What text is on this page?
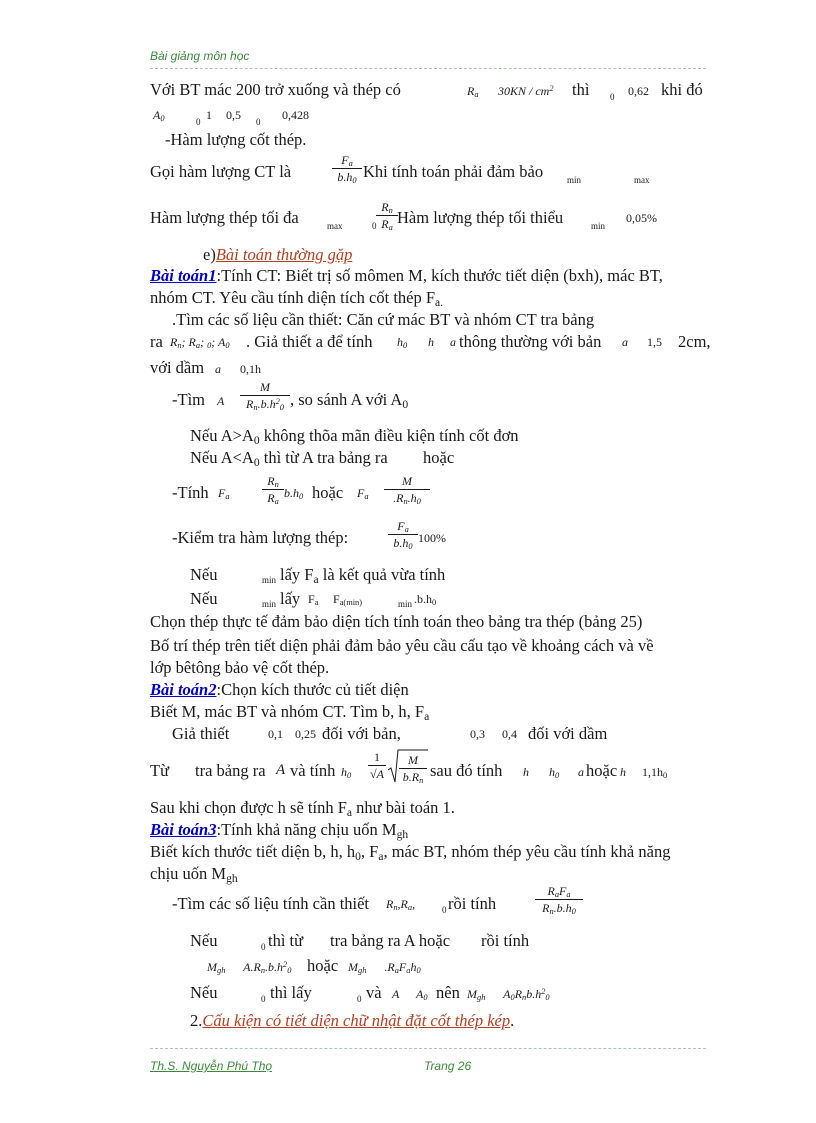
Bài giảng môn học
Với BT mác 200 trở xuống và thép có	$R_a$ $30KN / cm^2$ thì 0 0,62 khi đó
$A_0$	0 1 0,5 0 0,428
-Hàm lượng cốt thép.
Gọi hàm lượng CT là	$\frac{F_a}{b.h_0}$ Khi tính toán phải đảm bảo	min	max
Hàm lượng thép tối đa	max	$0 \frac{R_n}{R_a}$ Hàm lượng thép tối thiểu	min
0,05%
e)Bài toán thường gặp
Bài toán1:Tính CT: Biết trị số mômen M, kích thước tiết diện (bxh), mác BT,
nhóm CT. Yêu cầu tính diện tích cốt thép $F_{a.}$
.Tìm các số liệu cần thiết: Căn cứ mác BT và nhóm CT tra bảng
ra $R_n$; $R_a$; $_0$; $A_0$ . Giả thiết a để tính $h_0$ h a thông thường với bản a 1,5 2cm,
với dầm a 0,1h
-Tìm A $\frac{M}{R_n.b.h^2_0}$ , so sánh A với $A_0$
Nếu $A>A_0$ không thõa mãn điều kiện tính cốt đơn
Nếu $A<A_0$ thì từ A tra bảng ra hoặc
-Tính $F_a$	$\frac{R_n}{R_a} b.h_0$ hoặc $F_a \frac{M}{.R_n.h_0}$
-Kiểm tra hàm lượng thép:	$\frac{F_a}{b.h_0} 100\%$
Nếu	min lấy $F_a$ là kết quả vừa tính
Nếu	min lấy $F_a$ $F_{a(min)}$	$\min .b.h_0$
Chọn thép thực tế đảm bảo diện tích tính toán theo bảng tra thép (bảng 25)
Bố trí thép trên tiết diện phải đảm bảo yêu cầu cấu tạo về khoảng cách và về
lớp bêtông bảo vệ cốt thép.
Bài toán2:Chọn kích thước củ tiết diện
Biết M, mác BT và nhóm CT. Tìm b, h, $F_a$
Giả thiết	0,1 0,25 đối với bản,	0,3 0,4 đối với dầm
Từ tra bảng ra A và tính $h_0 \frac{1}{√A} \frac{M}{b.R_n}$ sau đó tính h $h_0$ a hoặc h $1,1h_0$
Sau khi chọn được h sẽ tính $F_a$ như bài toán 1.
Bài toán3:Tính khả năng chịu uốn $M_{gh}$
Biết kích thước tiết diện b, h, $h_0$, $F_a$, mác BT, nhóm thép yêu cầu tính khả năng
chịu uốn $M_{gh}$
-Tìm các số liệu tính cần thiết $R_n,R_a$,	0 rồi tính
$R_aF_a$
$R_n.b.h_0$
Nếu	0 thì từ tra bảng ra A hoặc rồi tính
$M_{gh}$ $A.R_n.b.h^2_0$ hoặc $M_{gh}$ $.R_aF_ah_0$
Nếu	0 thì lấy	0 và A $A_0$ nên $M_{gh}$ $A_0R_nb.h^2_0$
2.Cấu kiện có tiết diện chữ nhật đặt cốt thép kép.
Th.S. Nguyễn Phú Thọ	Trang 26
